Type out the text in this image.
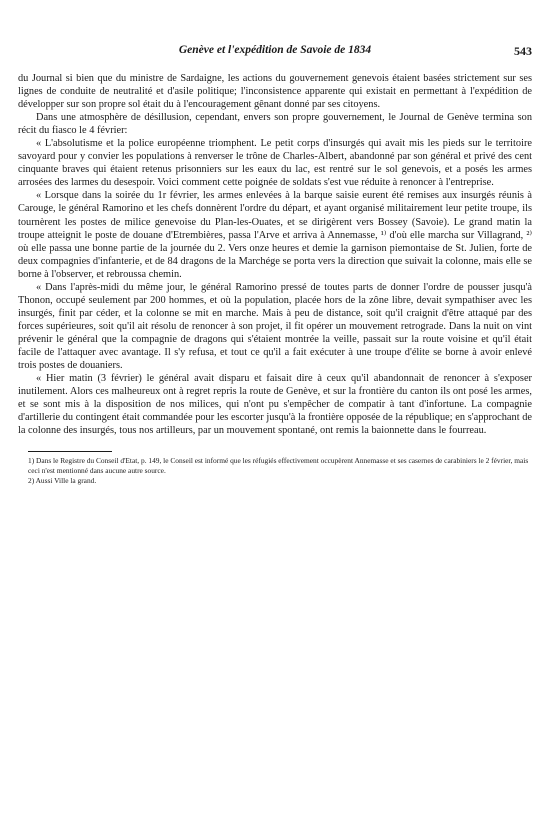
Genève et l'expédition de Savoie de 1834	543

du Journal si bien que du ministre de Sardaigne, les actions du gouvernement genevois étaient basées strictement sur ses lignes de conduite de neutralité et d'asile politique; l'inconsistence apparente qui existait en permettant à l'expédition de développer sur son propre sol était du à l'encouragement gênant donné par ses citoyens.

Dans une atmosphère de désillusion, cependant, envers son propre gouvernement, le Journal de Genève termina son récit du fiasco le 4 février:

« L'absolutisme et la police européenne triomphent. Le petit corps d'insurgés qui avait mis les pieds sur le territoire savoyard pour y convier les populations à renverser le trône de Charles-Albert, abandonné par son général et privé des cent cinquante braves qui étaient retenus prisonniers sur les eaux du lac, est rentré sur le sol genevois, et a posés les armes arrosées des larmes du desespoir. Voici comment cette poignée de soldats s'est vue réduite à renoncer à l'entreprise.

« Lorsque dans la soirée du 1r février, les armes enlevées à la barque saisie eurent été remises aux insurgés réunis à Carouge, le général Ramorino et les chefs donnèrent l'ordre du départ, et ayant organisé militairement leur petite troupe, ils tournèrent les postes de milice genevoise du Plan-les-Ouates, et se dirigèrent vers Bossey (Savoie). Le grand matin la troupe atteignit le poste de douane d'Etrembières, passa l'Arve et arriva à Annemasse, ¹⁾ d'où elle marcha sur Villagrand, ²⁾ où elle passa une bonne partie de la journée du 2. Vers onze heures et demie la garnison piemontaise de St. Julien, forte de deux compagnies d'infanterie, et de 84 dragons de la Marchége se porta vers la direction que suivait la colonne, mais elle se borne à l'observer, et rebroussa chemin.

« Dans l'après-midi du même jour, le général Ramorino pressé de toutes parts de donner l'ordre de pousser jusqu'à Thonon, occupé seulement par 200 hommes, et où la population, placée hors de la zône libre, devait sympathiser avec les insurgés, finit par céder, et la colonne se mit en marche. Mais à peu de distance, soit qu'il craignit d'être attaqué par des forces supérieures, soit qu'il ait résolu de renoncer à son projet, il fit opérer un mouvement retrograde. Dans la nuit on vint prévenir le général que la compagnie de dragons qui s'étaient montrée la veille, passait sur la route voisine et qu'il était facile de l'attaquer avec avantage. Il s'y refusa, et tout ce qu'il a fait exécuter à une troupe d'élite se borne à avoir enlevé trois postes de douaniers.

« Hier matin (3 février) le général avait disparu et faisait dire à ceux qu'il abandonnait de renoncer à s'exposer inutilement. Alors ces malheureux ont à regret repris la route de Genève, et sur la frontière du canton ils ont posé les armes, et se sont mis à la disposition de nos milices, qui n'ont pu s'empêcher de compatir à tant d'infortune. La compagnie d'artillerie du contingent était commandée pour les escorter jusqu'à la frontière opposée de la république; en s'approchant de la colonne des insurgés, tous nos artilleurs, par un mouvement spontané, ont remis la baionnette dans le fourreau.

1) Dans le Registre du Conseil d'Etat, p. 149, le Conseil est informé que les réfugiés effectivement occupèrent Annemasse et ses casernes de carabiniers le 2 février, mais ceci n'est mentionné dans aucune autre source.

2) Aussi Ville la grand.
